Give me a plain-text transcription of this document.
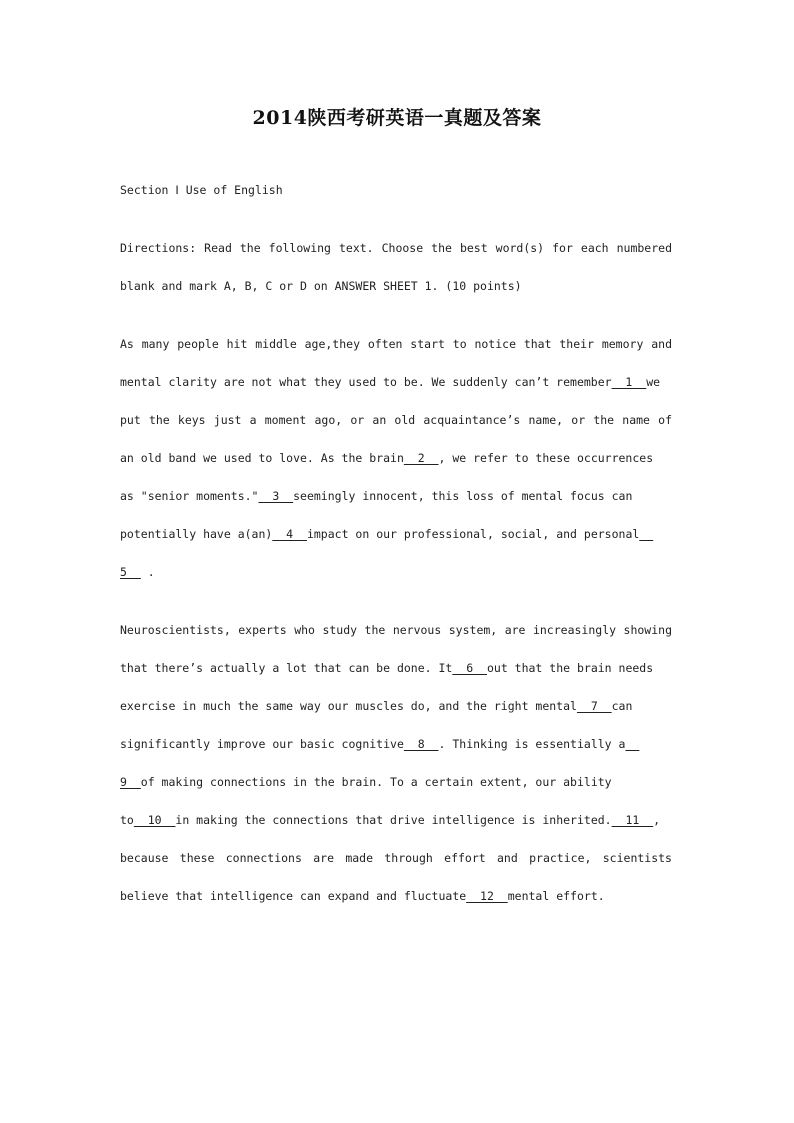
2014陕西考研英语一真题及答案
Section Ⅰ Use of English
Directions: Read the following text. Choose the best word(s) for each numbered
blank and mark A, B, C or D on ANSWER SHEET 1. (10 points)
As many people hit middle age,they often start to notice that their memory and
mental clarity are not what they used to be. We suddenly can’t remember__1__we
put the keys just a moment ago, or an old acquaintance’s name, or the name of
an old band we used to love. As the brain__2__, we refer to these occurrences
as "senior moments."__3__seemingly innocent, this loss of mental focus can
potentially have a(an)__4__impact on our professional, social, and personal__
5__ .
Neuroscientists, experts who study the nervous system, are increasingly showing
that there’s actually a lot that can be done. It__6__out that the brain needs
exercise in much the same way our muscles do, and the right mental__7__can
significantly improve our basic cognitive__8__. Thinking is essentially a__
9__of making connections in the brain. To a certain extent, our ability
to__10__in making the connections that drive intelligence is inherited.__11__,
because these connections are made through effort and practice, scientists
believe that intelligence can expand and fluctuate__12__mental effort.
